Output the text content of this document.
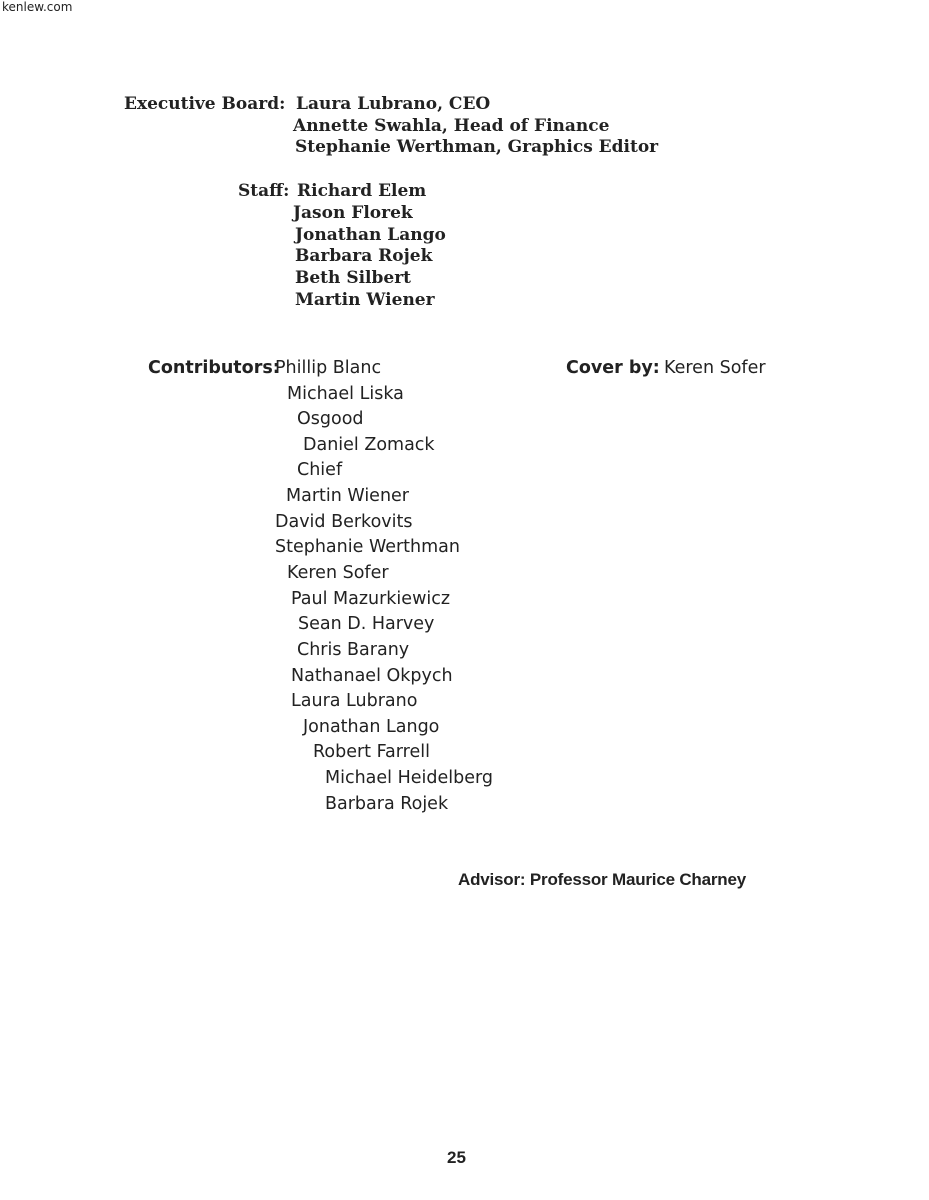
kenlew.com
Executive Board: Laura Lubrano, CEO
Annette Swahla, Head of Finance
Stephanie Werthman, Graphics Editor
Staff: Richard Elem
Jason Florek
Jonathan Lango
Barbara Rojek
Beth Silbert
Martin Wiener
Contributors:
Phillip Blanc
Michael Liska
Osgood
Daniel Zomack
Chief
Martin Wiener
David Berkovits
Stephanie Werthman
Keren Sofer
Paul Mazurkiewicz
Sean D. Harvey
Chris Barany
Nathanael Okpych
Laura Lubrano
Jonathan Lango
Robert Farrell
Michael Heidelberg
Barbara Rojek
Cover by: Keren Sofer
Advisor: Professor Maurice Charney
25
